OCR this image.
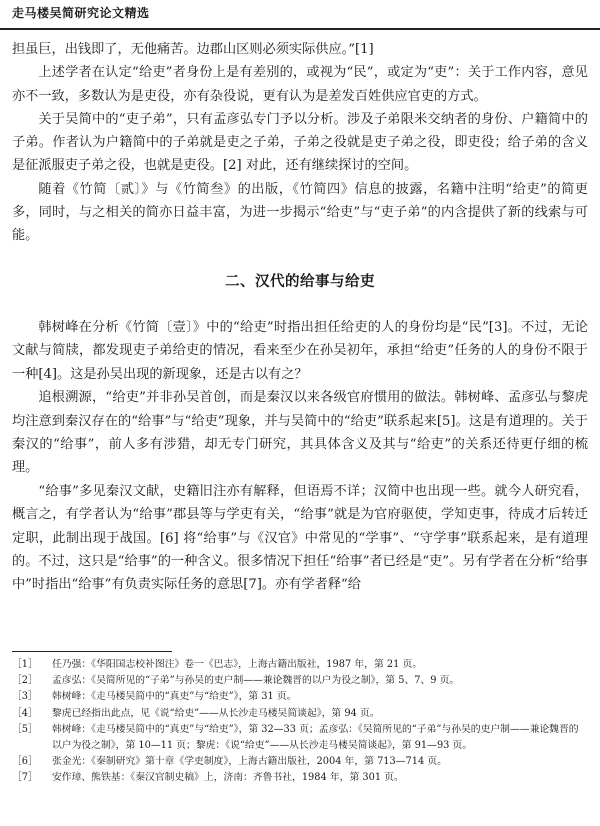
走马楼吴简研究论文精选

担虽巨，出钱即了，无他痛苦。边郡山区则必须实际供应。”[1]

上述学者在认定“给吏”者身份上是有差别的，或视为“民”，或定为“吏”：关于工作内容，意见亦不一致，多数认为是吏役，亦有杂役说，更有认为是差发百姓供应官吏的方式。

关于吴简中的“吏子弟”，只有孟彦弘专门予以分析。涉及子弟限米交纳者的身份、户籍简中的子弟。作者认为户籍简中的子弟就是吏之子弟，子弟之役就是吏子弟之役，即吏役；给子弟的含义是征派服吏子弟之役，也就是吏役。[2] 对此，还有继续探讨的空间。

随着《竹简〔贰〕》与《竹简叁》的出版，《竹简四》信息的披露，名籍中注明“给吏”的简更多，同时，与之相关的简亦日益丰富，为进一步揭示“给吏”与“吏子弟”的内含提供了新的线索与可能。

二、汉代的给事与给吏

韩树峰在分析《竹简〔壹〕》中的“给吏”时指出担任给吏的人的身份均是“民”[3]。不过，无论文献与简牍，都发现吏子弟给吏的情况，看来至少在孙吴初年，承担“给吏”任务的人的身份不限于一种[4]。这是孙吴出现的新现象，还是古以有之？

追根溯源，“给吏”并非孙吴首创，而是秦汉以来各级官府惯用的做法。韩树峰、孟彦弘与黎虎均注意到秦汉存在的“给事”与“给吏”现象，并与吴简中的“给吏”联系起来[5]。这是有道理的。关于秦汉的“给事”，前人多有涉猎，却无专门研究，其具体含义及其与“给吏”的关系还待更仔细的梳理。

“给事”多见秦汉文献，史籍旧注亦有解释，但语焉不详；汉简中也出现一些。就今人研究看，概言之，有学者认为“给事”郡县等与学吏有关，“给事”就是为官府驱使，学知吏事，待成才后转迁定职，此制出现于战国。[6] 将“给事”与《汉官》中常见的“学事”、“守学事”联系起来，是有道理的。不过，这只是“给事”的一种含义。很多情况下担任“给事”者已经是“吏”。另有学者在分析“给事中”时指出“给事”有负责实际任务的意思[7]。亦有学者释“给

［1］	任乃强：《华阳国志校补图注》卷一《巴志》，上海古籍出版社，1987 年，第 21 页。
［2］	孟彦弘：《吴简所见的“子弟”与孙吴的吏户制——兼论魏晋的以户为役之制》，第 5、7、9 页。
［3］	韩树峰：《走马楼吴简中的“真吏”与“给吏”》，第 31 页。
［4］	黎虎已经指出此点，见《说“给吏”——从长沙走马楼吴简谈起》，第 94 页。
［5］	韩树峰：《走马楼吴简中的“真吏”与“给吏”》，第 32—33 页；孟彦弘：《吴简所见的“子弟”与孙吴的吏户制——兼论魏晋的以户为役之制》，第 10—11 页；黎虎：《说“给吏”——从长沙走马楼吴简谈起》，第 91—93 页。
［6］	张金光：《秦制研究》第十章《学吏制度》，上海古籍出版社，2004 年，第 713—714 页。
［7］	安作璋、熊铁基：《秦汉官制史稿》上，济南：齐鲁书社，1984 年，第 301 页。
